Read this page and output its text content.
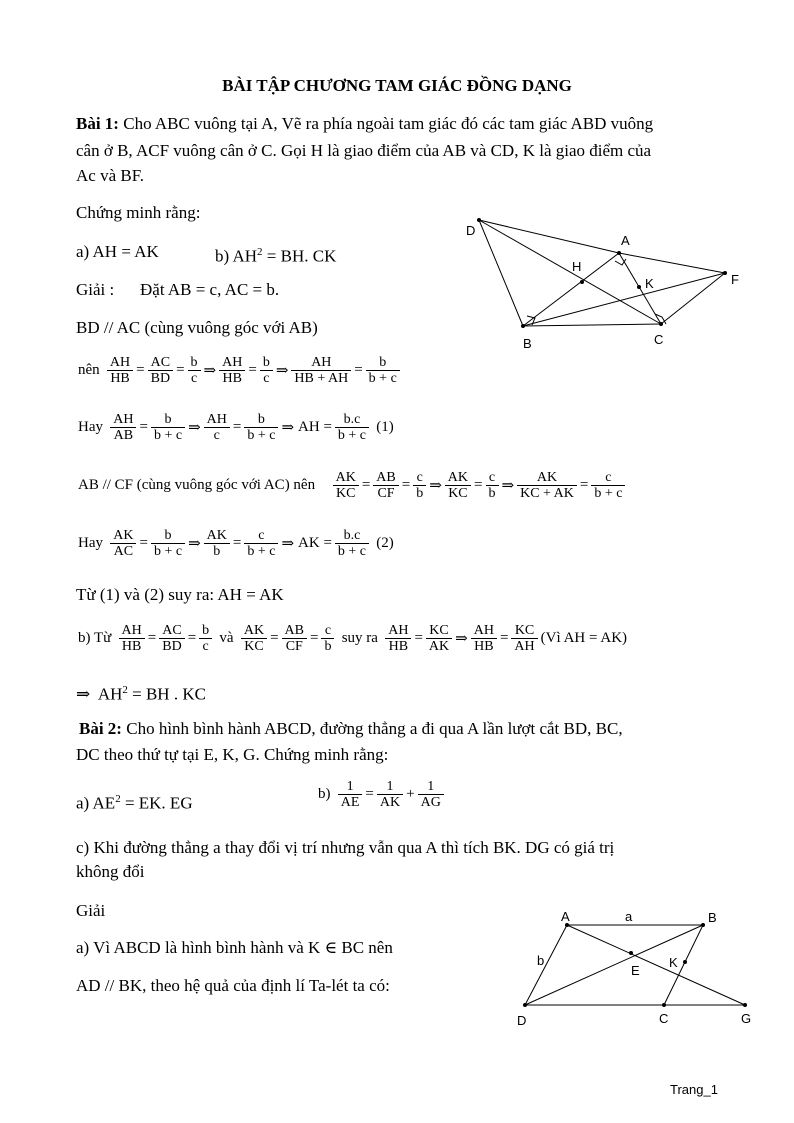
BÀI TẬP CHƯƠNG TAM GIÁC ĐỒNG DẠNG
Bài 1: Cho ABC vuông tại A, Vẽ ra phía ngoài tam giác đó các tam giác ABD vuông
cân ở B, ACF vuông cân ở C. Gọi H là giao điểm của AB và CD, K là giao điểm của
Ac và BF.
Chứng minh rằng:
a) AH = AK	b) $AH^2$ = BH. CK
Giải : Đặt AB = c, AC = b.
BD // AC (cùng vuông góc với AB)
D
A
H
K	F
B	C
nên $\frac{AH}{HB} = \frac{AC}{BD} = \frac{b}{c}$ ⇒ $\frac{AH}{HB} = \frac{b}{c}$ ⇒ $\frac{AH}{HB + AH} = \frac{b}{b + c}$
Hay $\frac{AH}{AB} = \frac{b}{b + c}$ ⇒ $\frac{AH}{c} = \frac{b}{b + c}$ ⇒ AH = $\frac{b.c}{b + c} (1)$
AB // CF (cùng vuông góc với AC) nên $\frac{AK}{KC} = \frac{AB}{CF} = \frac{c}{b}$ ⇒ $\frac{AK}{KC} = \frac{c}{b}$ ⇒ $\frac{AK}{KC + AK} = \frac{c}{b + c}$
Hay $\frac{AK}{AC} = \frac{b}{b + c}$ ⇒ $\frac{AK}{b} = \frac{c}{b + c}$ ⇒ AK = $\frac{b.c}{b + c} (2)$
Từ (1) và (2) suy ra: AH = AK
b) Từ $\frac{AH}{HB} = \frac{AC}{BD} = \frac{b}{c}$ và $\frac{AK}{KC} = \frac{AB}{CF} = \frac{c}{b}$ suy ra $\frac{AH}{HB} = \frac{KC}{AK}$ ⇒ $\frac{AH}{HB} = \frac{KC}{AH}$ (Vì AH = AK)
⇒ $AH^2$ = BH . KC
Bài 2: Cho hình bình hành ABCD, đường thẳng a đi qua A lần lượt cắt BD, BC,
DC theo thứ tự tại E, K, G. Chứng minh rằng:
a) $AE^2$ = EK. EG	$b) \frac{1}{AE} = \frac{1}{AK} + \frac{1}{AG}$
c) Khi đường thẳng a thay đổi vị trí nhưng vẫn qua A thì tích BK. DG có giá trị
không đổi
Giải
a) Vì ABCD là hình bình hành và K ∈ BC nên
AD // BK, theo hệ quả của định lí Ta-lét ta có:
A	a	B
b
E
K
D	C	G
Trang_1
